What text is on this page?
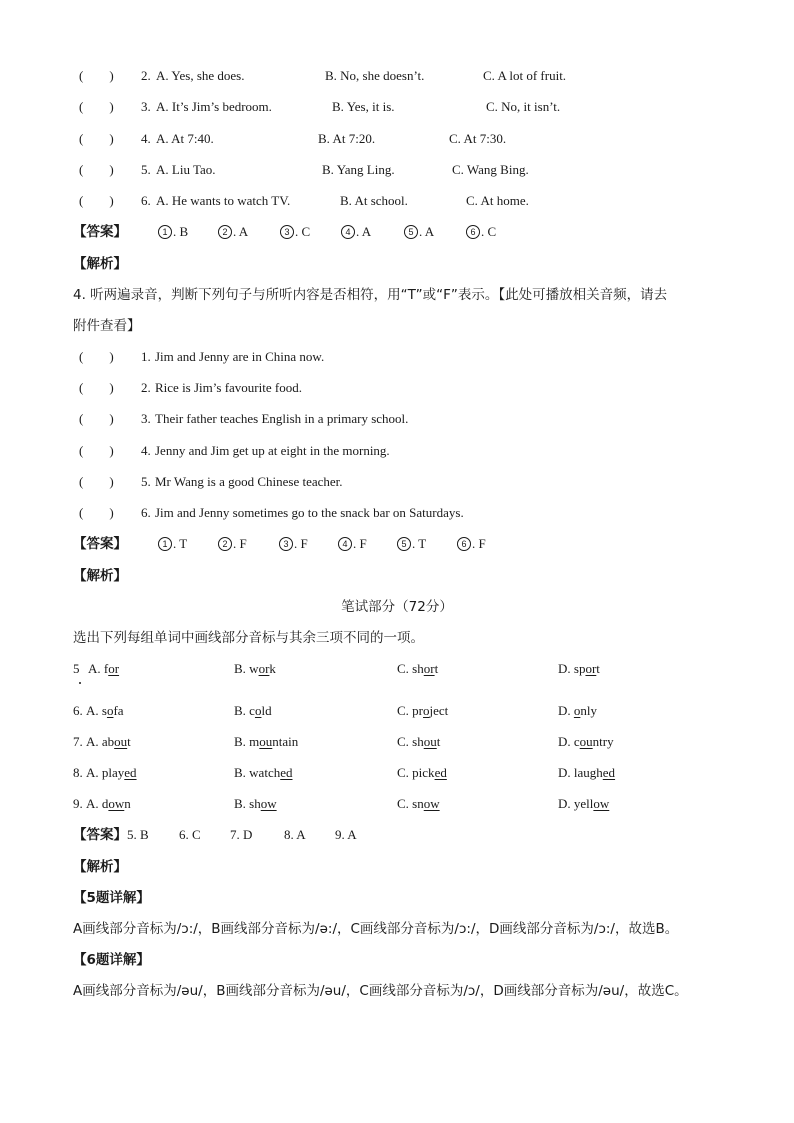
(　　) 2. A. Yes, she does.	B. No, she doesn’t.	C. A lot of fruit.
(　　) 3. A. It’s Jim’s bedroom.	B. Yes, it is.	C. No, it isn’t.
(　　) 4. A. At 7:40.	B. At 7:20.	C. At 7:30.
(　　) 5. A. Liu Tao.	B. Yang Ling.	C. Wang Bing.
(　　) 6. A. He wants to watch TV.	B. At school.	C. At home.
【答案】	1 . B	2 . A	3 . C	4 . A	5 . A	6 . C
【解析】
4. 听两遍录音，判断下列句子与所听内容是否相符，用“T”或“F”表示。【此处可播放相关音频，请去
附件查看】
(　　) 1. Jim and Jenny are in China now.
(　　) 2. Rice is Jim’s favourite food.
(　　) 3. Their father teaches English in a primary school.
(　　) 4. Jenny and Jim get up at eight in the morning.
(　　) 5. Mr Wang is a good Chinese teacher.
(　　) 6. Jim and Jenny sometimes go to the snack bar on Saturdays.
【答案】	1 . T	2 . F	3 . F	4 . F	5 . T	6 . F
【解析】
笔试部分（72分）
选出下列每组单词中画线部分音标与其余三项不同的一项。
5 A. for	B. work	C. short	D. sport
6. A. sofa	B. cold	C. project	D. only
7. A. about	B. mountain	C. shout	D. country
8. A. played	B. watched	C. picked	D. laughed
9. A. down	B. show	C. snow	D. yellow
【答案】 5. B 6. C 7. D 8. A 9. A
【解析】
【5题详解】
A画线部分音标为/ɔ:/，B画线部分音标为/ə:/，C画线部分音标为/ɔ:/，D画线部分音标为/ɔ:/，故选B。
【6题详解】
A画线部分音标为/əu/，B画线部分音标为/əu/，C画线部分音标为/ɔ/，D画线部分音标为/əu/，故选C。
